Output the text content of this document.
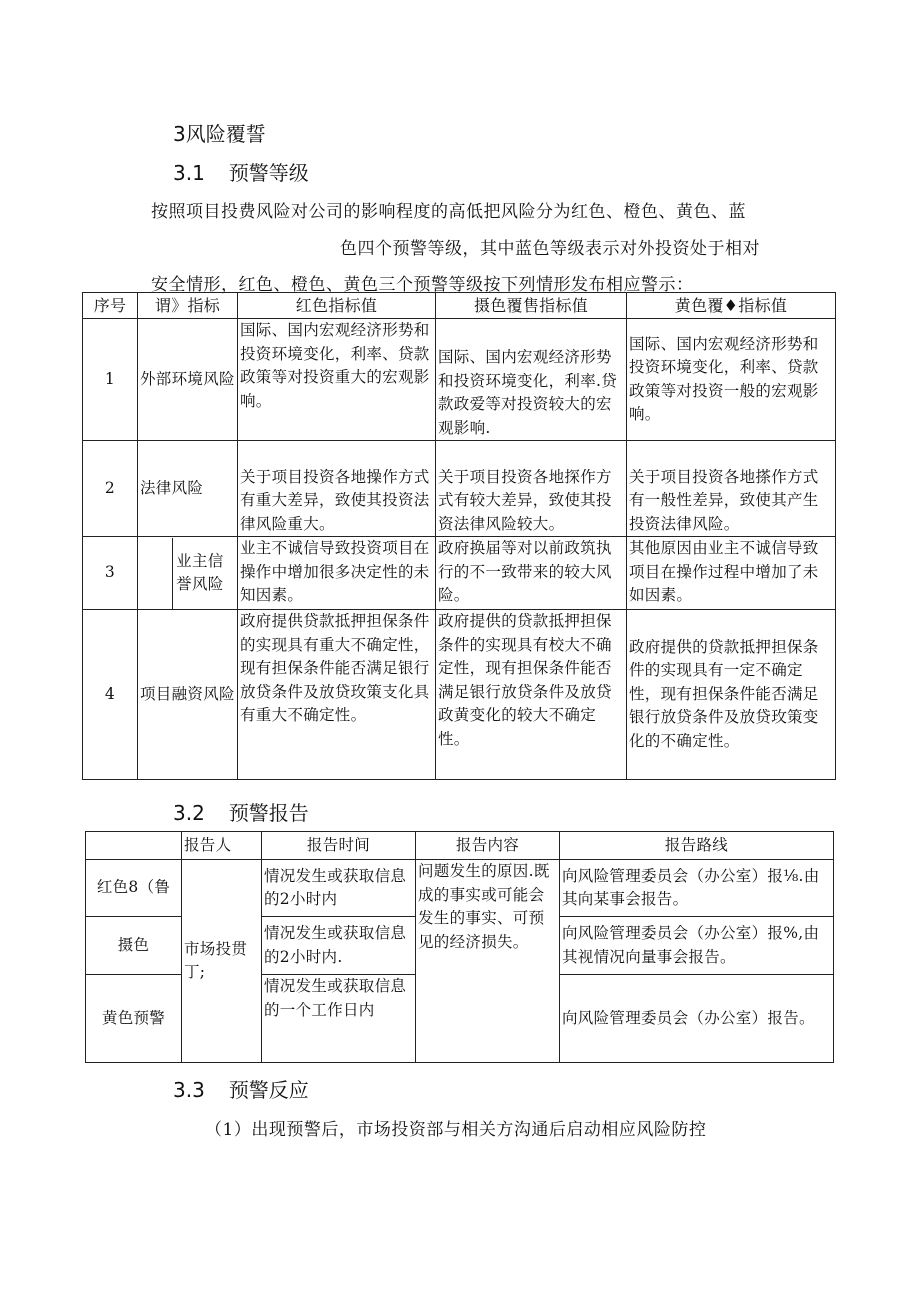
3风险覆誓
3.1 预警等级
按照项目投费风险对公司的影响程度的高低把风险分为红色、橙色、黄色、蓝
色四个预警等级，其中蓝色等级表示对外投资处于相对
安全情形，红色、橙色、黄色三个预警等级按下列情形发布相应警示：
序号	谓》指标	红色指标值	摄色覆售指标值	黄色覆♦指标值
1	外部环境风险	国际、国内宏观经济形势和投资环境变化，利率、贷款政策等对投资重大的宏观影响。	国际、国内宏观经济形势和投资环境变化，利率.贷款政爱等对投资较大的宏观影响.	国际、国内宏观经济形势和投资环境变化，利率、贷款政策等对投资一般的宏观影响。
2	法律风险	关于项目投资各地操作方式有重大差异，致使其投资法律风险重大。	关于项目投资各地探作方式有较大差异，致使其投资法律风险较大。	关于项目投资各地搽作方式有一般性差异，致使其产生投资法律风险。
3	业主信誉风险	业主不诚信导致投资项目在操作中增加很多决定性的未知因素。	政府换届等对以前政筑执行的不一致带来的较大风险。	其他原因由业主不诚信导致项目在操作过程中增加了未如因素。
4	项目融资风险	政府提供贷款抵押担保条件的实现具有重大不确定性，现有担保条件能否满足银行放贷条件及放贷玫策支化具有重大不确定性。	政府提供的贷款抵押担保条件的实现具有校大不确定性，现有担保条件能否满足银行放贷条件及放贷政黄变化的较大不确定性。	政府提供的贷款抵押担保条件的实现具有一定不确定性，现有担保条件能否满足银行放贷条件及放贷玫策变化的不确定性。
3.2 预警报告
	报告人	报告时间	报告内容	报告路线
红色8（鲁	市场投贯丁;	情况发生或获取信息的2小时内	问题发生的原因.既成的事实或可能会发生的事实、可预见的经济损失。	向风险管理委员会（办公室）报⅛.由其向某事会报告。
摄色		情况发生或获取信息的2小时内.		向风险管理委员会（办公室）报%,由其视情况向量事会报告。
黄色预警		情况发生或获取信息的一个工作日内		向风险管理委员会（办公室）报告。
3.3 预警反应
（1）出现预警后，市场投资部与相关方沟通后启动相应风险防控
